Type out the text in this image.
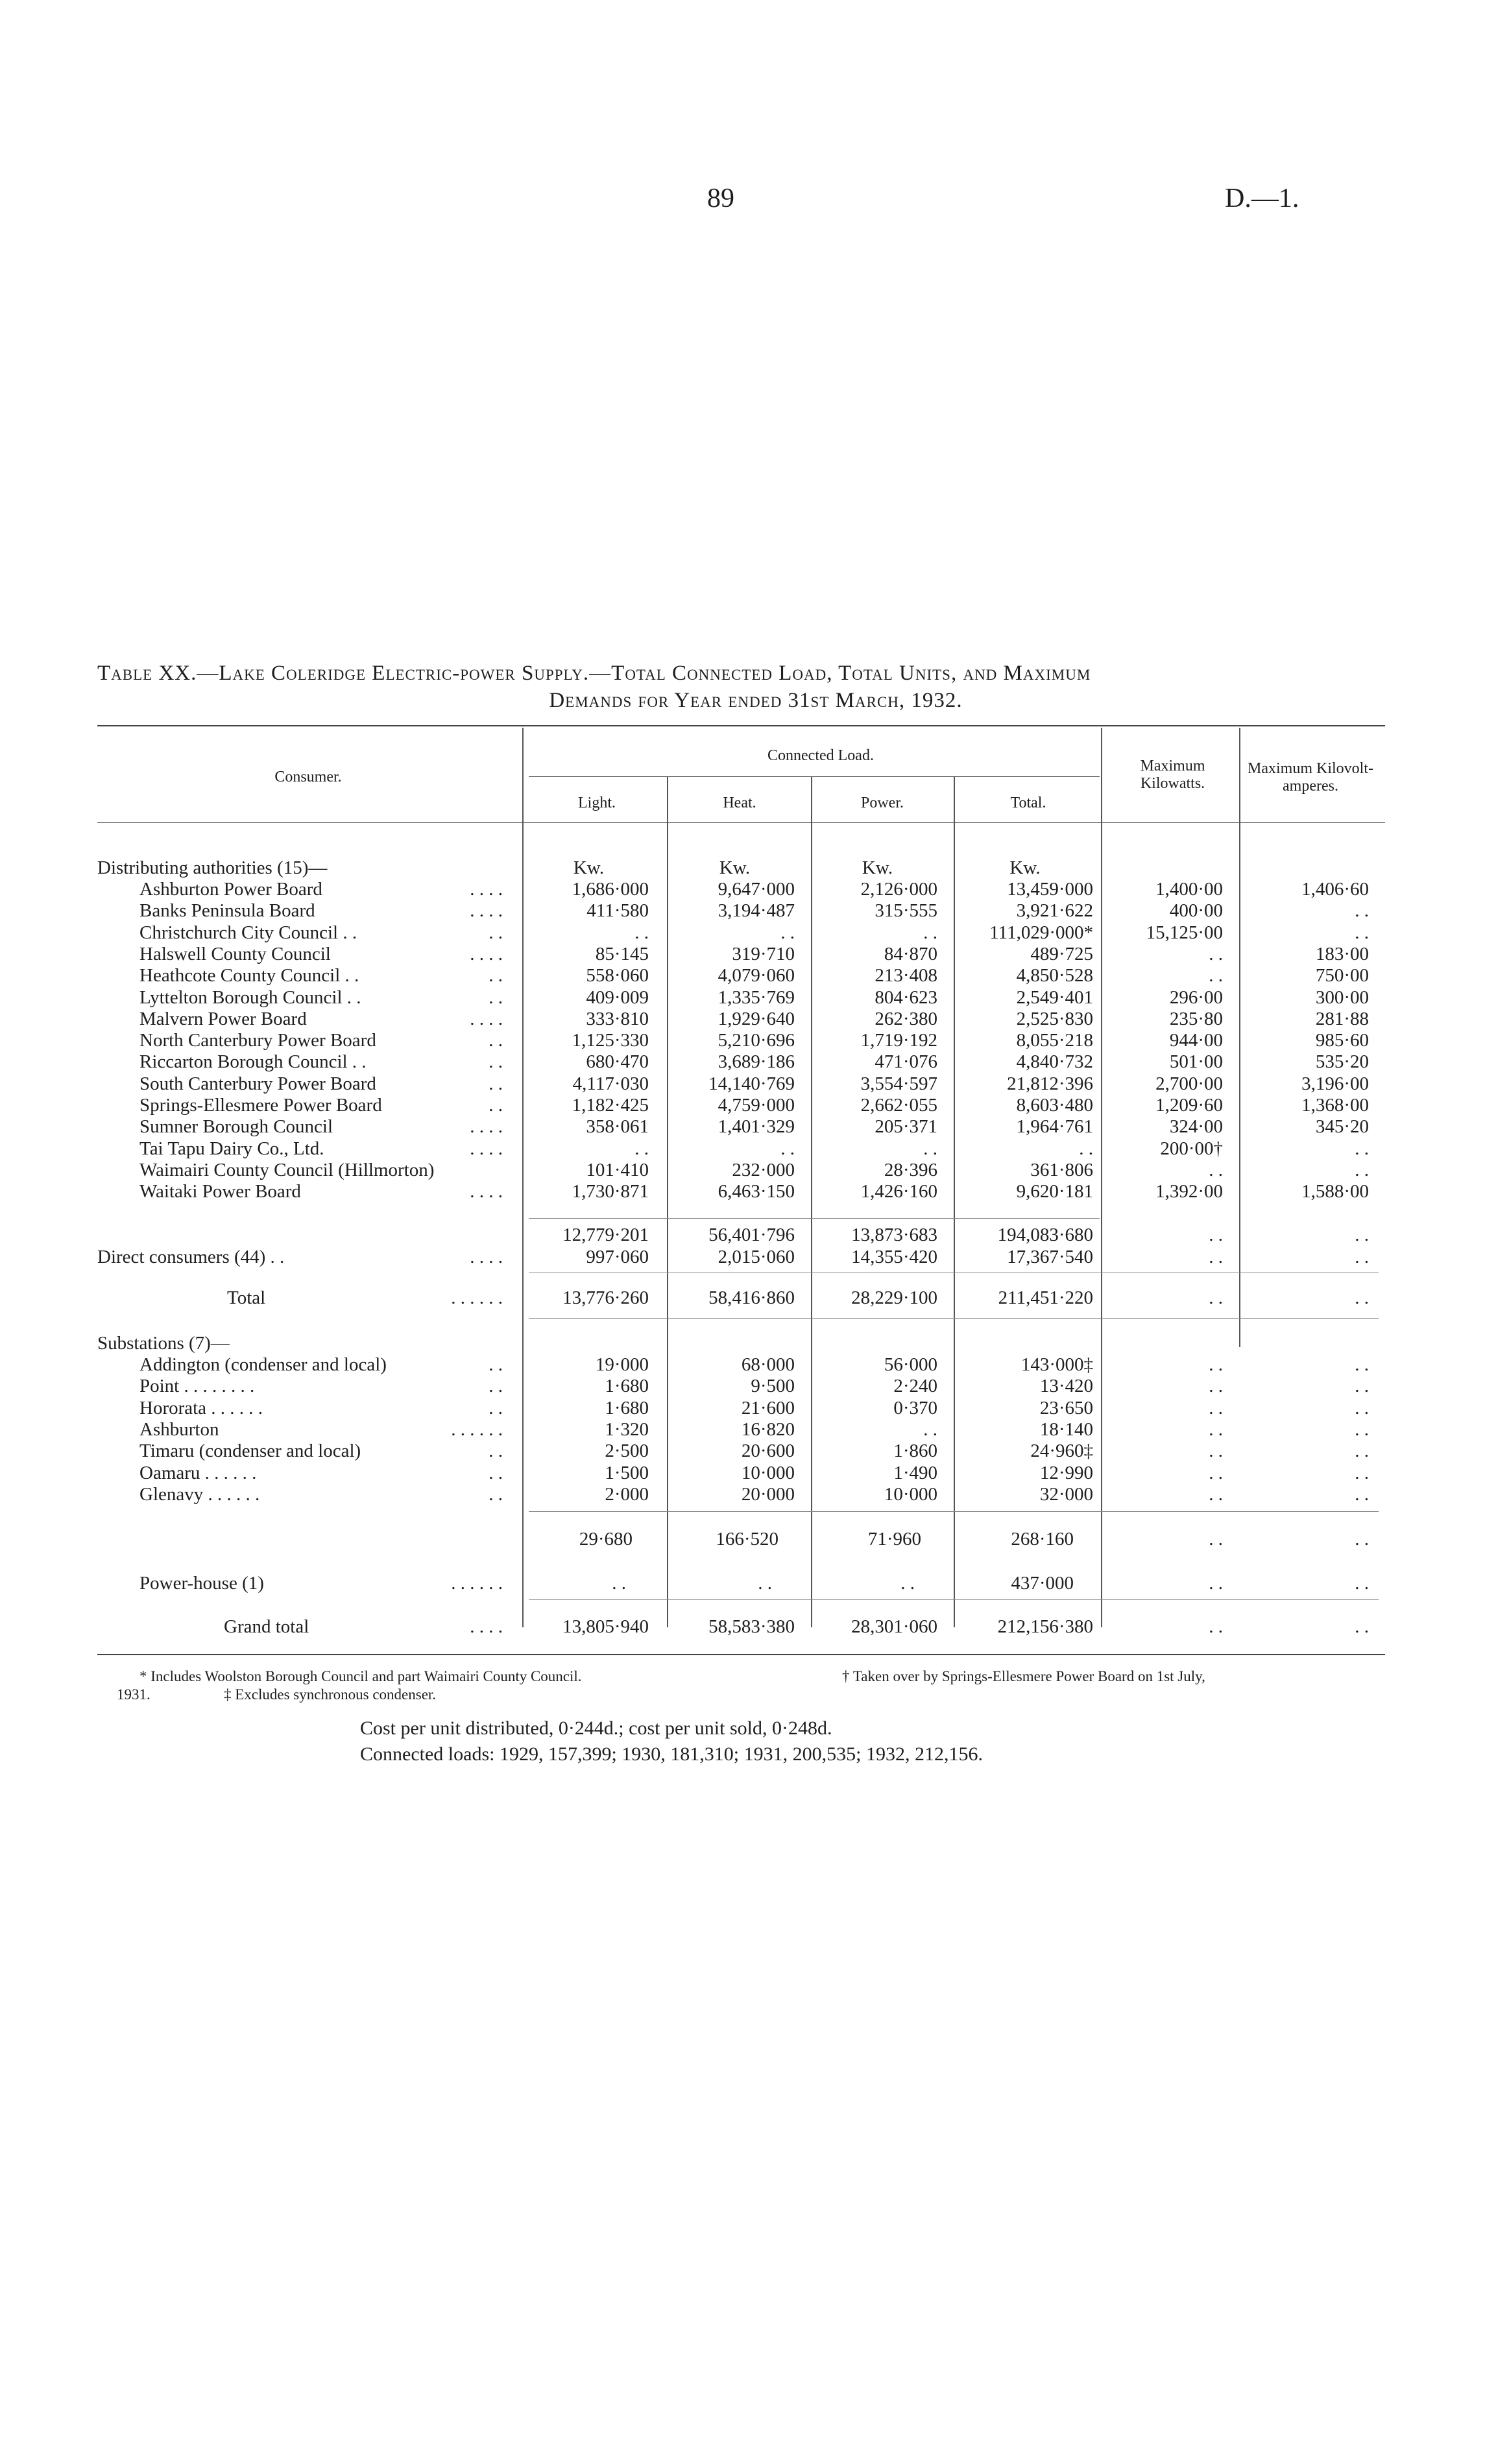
89	D.—1.
Table XX.—Lake Coleridge Electric-power Supply.—Total Connected Load, Total Units, and Maximum
Demands for Year ended 31st March, 1932.
Consumer.
Connected Load.
Light.	Heat.	Power.	Total.
Maximum Kilowatts.
Maximum Kilovolt-amperes.
Distributing authorities (15)—	Kw.	Kw.	Kw.	Kw.
Ashburton Power Board	. . . .	1,686·000	9,647·000	2,126·000	13,459·000	1,400·00	1,406·60
Banks Peninsula Board	. . . .	411·580	3,194·487	315·555	3,921·622	400·00	. .
Christchurch City Council . .	. .	. .	. .	. .	111,029·000*	15,125·00	. .
Halswell County Council	. . . .	85·145	319·710	84·870	489·725	. .	183·00
Heathcote County Council . .	. .	558·060	4,079·060	213·408	4,850·528	. .	750·00
Lyttelton Borough Council . .	. .	409·009	1,335·769	804·623	2,549·401	296·00	300·00
Malvern Power Board	. . . .	333·810	1,929·640	262·380	2,525·830	235·80	281·88
North Canterbury Power Board	. .	1,125·330	5,210·696	1,719·192	8,055·218	944·00	985·60
Riccarton Borough Council . .	. .	680·470	3,689·186	471·076	4,840·732	501·00	535·20
South Canterbury Power Board	. .	4,117·030	14,140·769	3,554·597	21,812·396	2,700·00	3,196·00
Springs-Ellesmere Power Board	. .	1,182·425	4,759·000	2,662·055	8,603·480	1,209·60	1,368·00
Sumner Borough Council	. . . .	358·061	1,401·329	205·371	1,964·761	324·00	345·20
Tai Tapu Dairy Co., Ltd.	. . . .	. .	. .	. .	. .	200·00†	. .
Waimairi County Council (Hillmorton)	101·410	232·000	28·396	361·806	. .	. .
Waitaki Power Board	. . . .	1,730·871	6,463·150	1,426·160	9,620·181	1,392·00	1,588·00
12,779·201	56,401·796	13,873·683	194,083·680	. .	. .
Direct consumers (44) . .	. . . .	997·060	2,015·060	14,355·420	17,367·540	. .	. .
Total	. . . . . .	13,776·260	58,416·860	28,229·100	211,451·220	. .	. .
Substations (7)—
Addington (condenser and local)	. .	19·000	68·000	56·000	143·000‡	. .	. .
Point . . . . . . . .	. .	1·680	9·500	2·240	13·420	. .	. .
Hororata . . . . . .	. .	1·680	21·600	0·370	23·650	. .	. .
Ashburton	. . . . . .	1·320	16·820	. .	18·140	. .	. .
Timaru (condenser and local)	. .	2·500	20·600	1·860	24·960‡	. .	. .
Oamaru . . . . . .	. .	1·500	10·000	1·490	12·990	. .	. .
Glenavy . . . . . .	. .	2·000	20·000	10·000	32·000	. .	. .
29·680	166·520	71·960	268·160	. .	. .
Power-house (1)	. . . . . .	. .	. .	. .	437·000	. .	. .
Grand total	. . . .	13,805·940	58,583·380	28,301·060	212,156·380	. .	. .
* Includes Woolston Borough Council and part Waimairi County Council.	† Taken over by Springs-Ellesmere Power Board on 1st July,
1931.	‡ Excludes synchronous condenser.
Cost per unit distributed, 0·244d.; cost per unit sold, 0·248d.
Connected loads: 1929, 157,399; 1930, 181,310; 1931, 200,535; 1932, 212,156.
